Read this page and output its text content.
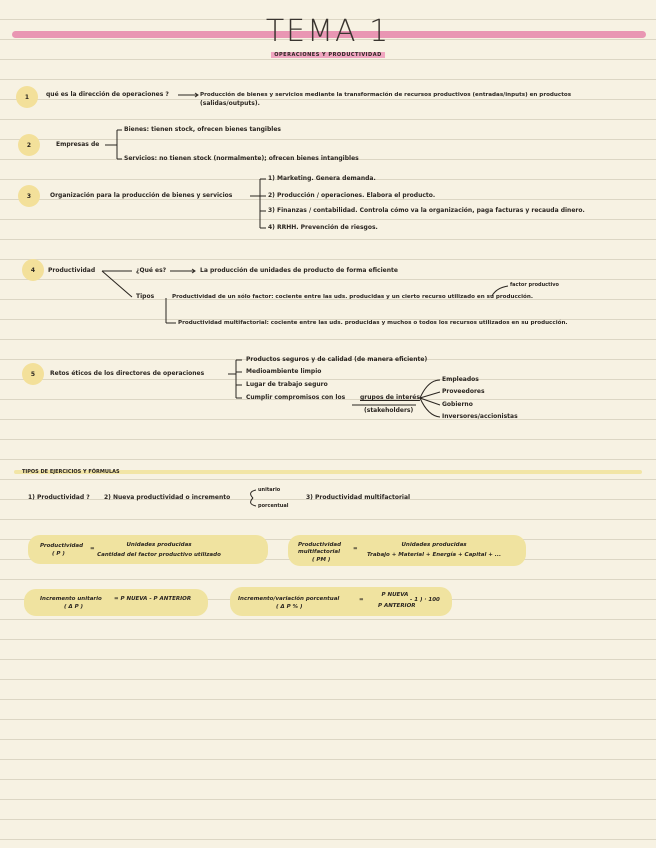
TEMA 1
OPERACIONES Y PRODUCTIVIDAD
1	qué es la dirección de operaciones ?	Producción de bienes y servicios mediante la transformación de recursos productivos (entradas/inputs) en productos
(salidas/outputs).
2	Empresas de
Bienes: tienen stock, ofrecen bienes tangibles
Servicios: no tienen stock (normalmente); ofrecen bienes intangibles
3	Organización para la producción de bienes y servicios
1) Marketing. Genera demanda.
2) Producción / operaciones. Elabora el producto.
3) Finanzas / contabilidad. Controla cómo va la organización, paga facturas y recauda dinero.
4) RRHH. Prevención de riesgos.
4	Productividad	¿Qué es?	La producción de unidades de producto de forma eficiente
Tipos
factor productivo
Productividad de un sólo factor: cociente entre las uds. producidas y un cierto recurso utilizado en su producción.
Productividad multifactorial: cociente entre las uds. producidas y muchos o todos los recursos utilizados en su producción.
5	Retos éticos de los directores de operaciones
Productos seguros y de calidad (de manera eficiente)
Medioambiente limpio
Lugar de trabajo seguro
Cumplir compromisos con los grupos de interés
(stakeholders)
Empleados
Proveedores
Gobierno
Inversores/accionistas
TIPOS DE EJERCICIOS Y FÓRMULAS
1) Productividad ? 2) Nueva productividad o incremento
unitario
porcentual
3) Productividad multifactorial
Productividad
( P )
=
Unidades producidas
Cantidad del factor productivo utilizado
Productividad
multifactorial
( PM )
=
Unidades producidas
Trabajo + Material + Energía + Capital + ...
Incremento unitario
( Δ P )
= P NUEVA - P ANTERIOR	Incremento/variación porcentual
( Δ P % )
=
P NUEVA
P ANTERIOR
- 1 ) · 100
